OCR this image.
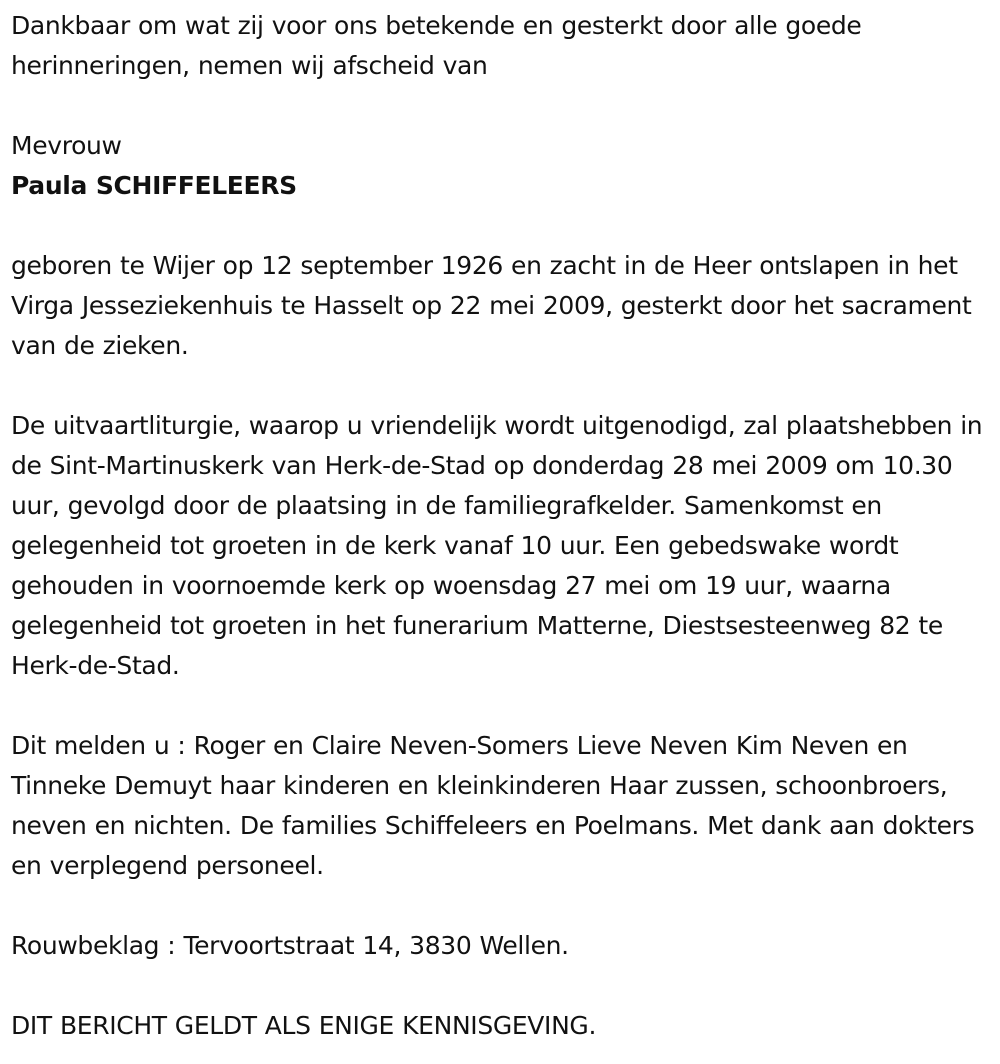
Dankbaar om wat zij voor ons betekende en gesterkt door alle goede herinneringen, nemen wij afscheid van

Mevrouw

Paula SCHIFFELEERS

geboren te Wijer op 12 september 1926 en zacht in de Heer ontslapen in het Virga Jesseziekenhuis te Hasselt op 22 mei 2009, gesterkt door het sacrament van de zieken.

De uitvaartliturgie, waarop u vriendelijk wordt uitgenodigd, zal plaatshebben in de Sint-Martinuskerk van Herk-de-Stad op donderdag 28 mei 2009 om 10.30 uur, gevolgd door de plaatsing in de familiegrafkelder. Samenkomst en gelegenheid tot groeten in de kerk vanaf 10 uur. Een gebedswake wordt gehouden in voornoemde kerk op woensdag 27 mei om 19 uur, waarna gelegenheid tot groeten in het funerarium Matterne, Diestsesteenweg 82 te Herk-de-Stad.

Dit melden u : Roger en Claire Neven-Somers Lieve Neven Kim Neven en Tinneke Demuyt haar kinderen en kleinkinderen Haar zussen, schoonbroers, neven en nichten. De families Schiffeleers en Poelmans. Met dank aan dokters en verplegend personeel.

Rouwbeklag : Tervoortstraat 14, 3830 Wellen.

DIT BERICHT GELDT ALS ENIGE KENNISGEVING.
